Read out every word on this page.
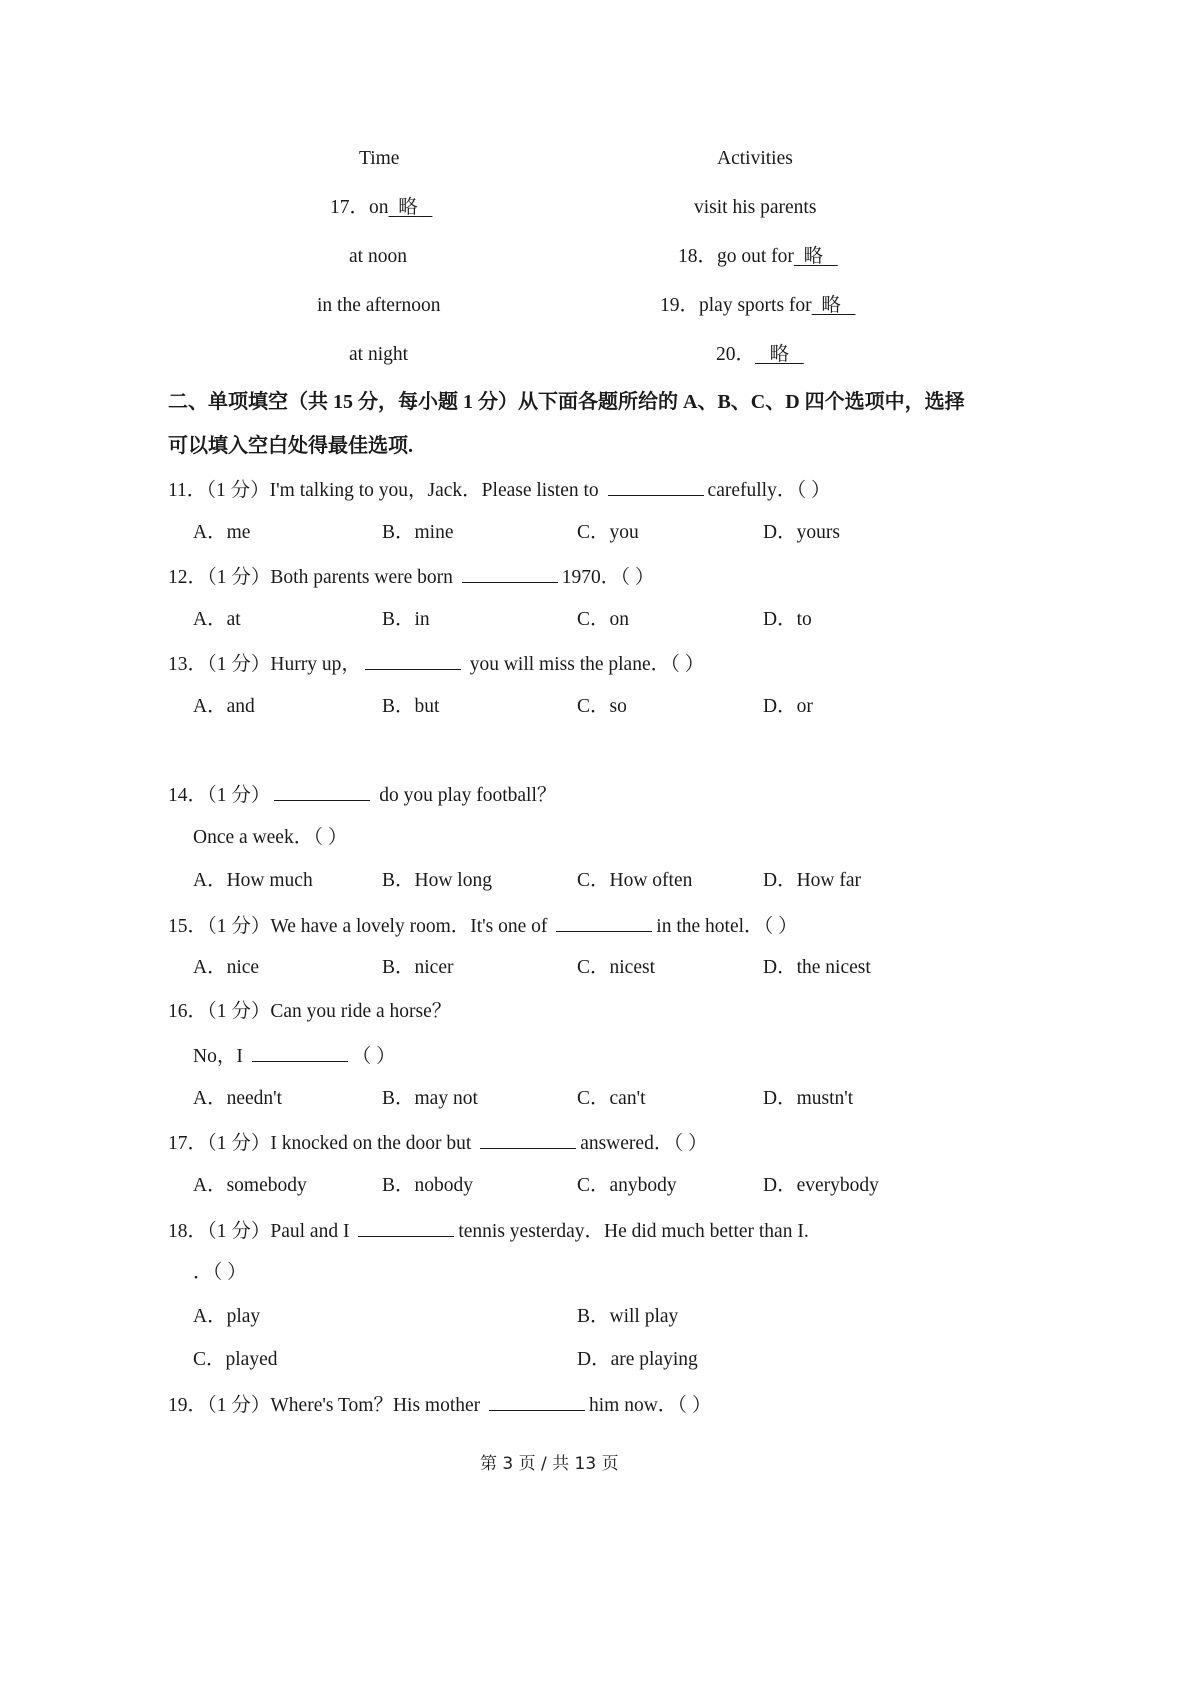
Time	Activities
17．on 略	visit his parents
at noon	18．go out for 略
in the afternoon	19．play sports for 略
at night	20． 略
二、单项填空（共 15 分，每小题 1 分）从下面各题所给的 A、B、C、D 四个选项中，选择
可以填入空白处得最佳选项.
11．（1 分）I'm talking to you，Jack．Please listen to	carefully．（ ）
A．me	B．mine	C．you	D．yours
12．（1 分）Both parents were born	1970．（ ）
A．at	B．in	C．on	D．to
13．（1 分）Hurry up，	you will miss the plane．（ ）
A．and	B．but	C．so	D．or
14．（1 分）	do you play football？
Once a week．（ ）
A．How much	B．How long	C．How often	D．How far
15．（1 分）We have a lovely room．It's one of	in the hotel．（ ）
A．nice	B．nicer	C．nicest	D．the nicest
16．（1 分）Can you ride a horse？
No，I	（ ）
A．needn't	B．may not	C．can't	D．mustn't
17．（1 分）I knocked on the door but	answered．（ ）
A．somebody	B．nobody	C．anybody	D．everybody
18．（1 分）Paul and I	tennis yesterday．He did much better than I.
．（ ）
A．play	B．will play
C．played	D．are playing
19．（1 分）Where's Tom？His mother	him now．（ ）
第 3 页 / 共 13 页
